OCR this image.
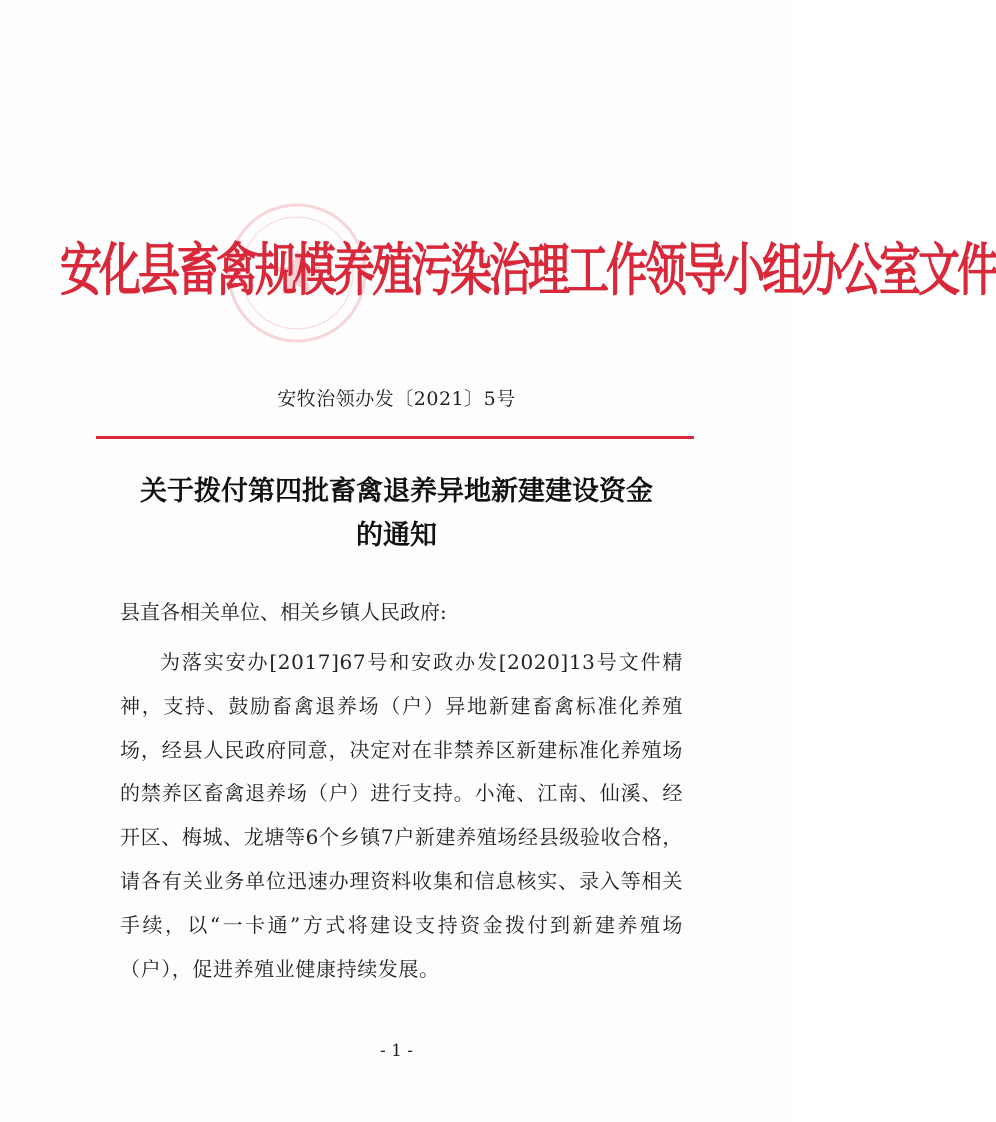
安化县畜禽规模养殖污染治理工作领导小组办公室文件
安牧治领办发〔2021〕5号
关于拨付第四批畜禽退养异地新建建设资金
的通知
县直各相关单位、相关乡镇人民政府:
为落实安办[2017]67号和安政办发[2020]13号文件精神，支持、鼓励畜禽退养场（户）异地新建畜禽标准化养殖场，经县人民政府同意，决定对在非禁养区新建标准化养殖场的禁养区畜禽退养场（户）进行支持。小淹、江南、仙溪、经开区、梅城、龙塘等6个乡镇7户新建养殖场经县级验收合格，请各有关业务单位迅速办理资料收集和信息核实、录入等相关手续，以“一卡通”方式将建设支持资金拨付到新建养殖场（户），促进养殖业健康持续发展。
- 1 -
